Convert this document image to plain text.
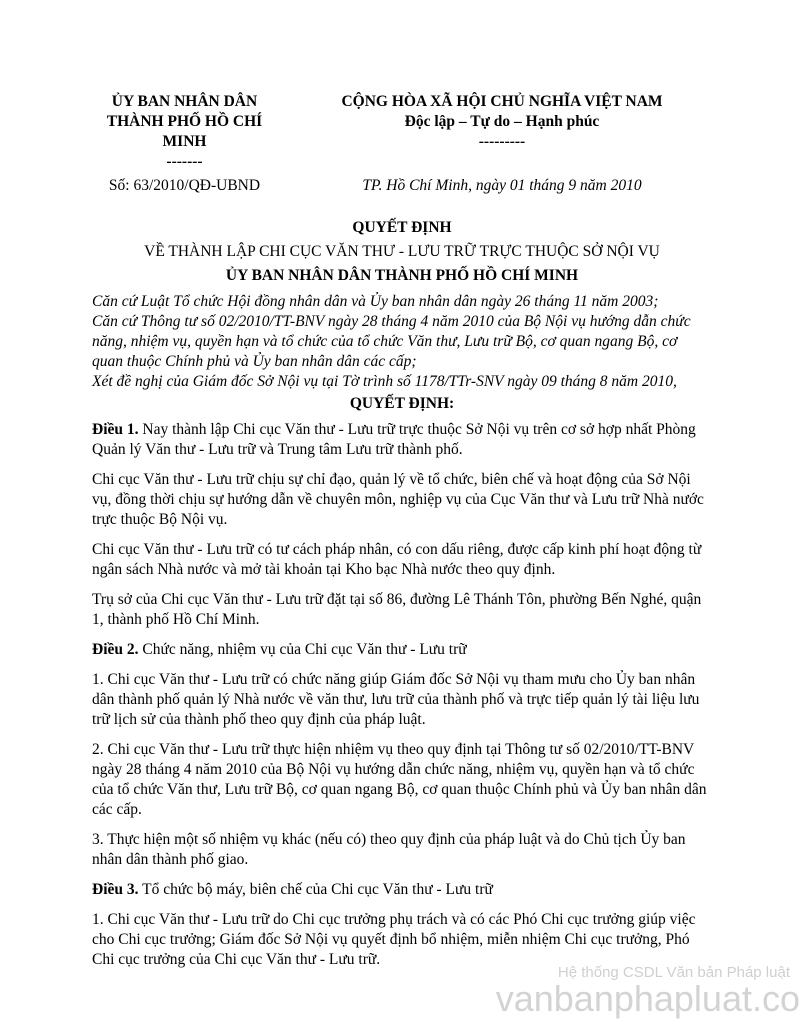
ỦY BAN NHÂN DÂN
THÀNH PHỐ HỒ CHÍ
MINH
-------
CỘNG HÒA XÃ HỘI CHỦ NGHĨA VIỆT NAM
Độc lập – Tự do – Hạnh phúc
---------
Số: 63/2010/QĐ-UBND	TP. Hồ Chí Minh, ngày 01 tháng 9 năm 2010
QUYẾT ĐỊNH
VỀ THÀNH LẬP CHI CỤC VĂN THƯ - LƯU TRỮ TRỰC THUỘC SỞ NỘI VỤ
ỦY BAN NHÂN DÂN THÀNH PHỐ HỒ CHÍ MINH
Căn cứ Luật Tổ chức Hội đồng nhân dân và Ủy ban nhân dân ngày 26 tháng 11 năm 2003;
Căn cứ Thông tư số 02/2010/TT-BNV ngày 28 tháng 4 năm 2010 của Bộ Nội vụ hướng dẫn chức năng, nhiệm vụ, quyền hạn và tổ chức của tổ chức Văn thư, Lưu trữ Bộ, cơ quan ngang Bộ, cơ quan thuộc Chính phủ và Ủy ban nhân dân các cấp;
Xét đề nghị của Giám đốc Sở Nội vụ tại Tờ trình số 1178/TTr-SNV ngày 09 tháng 8 năm 2010,
QUYẾT ĐỊNH:

Điều 1. Nay thành lập Chi cục Văn thư - Lưu trữ trực thuộc Sở Nội vụ trên cơ sở hợp nhất Phòng Quản lý Văn thư - Lưu trữ và Trung tâm Lưu trữ thành phố.

Chi cục Văn thư - Lưu trữ chịu sự chỉ đạo, quản lý về tổ chức, biên chế và hoạt động của Sở Nội vụ, đồng thời chịu sự hướng dẫn về chuyên môn, nghiệp vụ của Cục Văn thư và Lưu trữ Nhà nước trực thuộc Bộ Nội vụ.

Chi cục Văn thư - Lưu trữ có tư cách pháp nhân, có con dấu riêng, được cấp kinh phí hoạt động từ ngân sách Nhà nước và mở tài khoản tại Kho bạc Nhà nước theo quy định.

Trụ sở của Chi cục Văn thư - Lưu trữ đặt tại số 86, đường Lê Thánh Tôn, phường Bến Nghé, quận 1, thành phố Hồ Chí Minh.

Điều 2. Chức năng, nhiệm vụ của Chi cục Văn thư - Lưu trữ

1. Chi cục Văn thư - Lưu trữ có chức năng giúp Giám đốc Sở Nội vụ tham mưu cho Ủy ban nhân dân thành phố quản lý Nhà nước về văn thư, lưu trữ của thành phố và trực tiếp quản lý tài liệu lưu trữ lịch sử của thành phố theo quy định của pháp luật.

2. Chi cục Văn thư - Lưu trữ thực hiện nhiệm vụ theo quy định tại Thông tư số 02/2010/TT-BNV ngày 28 tháng 4 năm 2010 của Bộ Nội vụ hướng dẫn chức năng, nhiệm vụ, quyền hạn và tổ chức của tổ chức Văn thư, Lưu trữ Bộ, cơ quan ngang Bộ, cơ quan thuộc Chính phủ và Ủy ban nhân dân các cấp.

3. Thực hiện một số nhiệm vụ khác (nếu có) theo quy định của pháp luật và do Chủ tịch Ủy ban nhân dân thành phố giao.

Điều 3. Tổ chức bộ máy, biên chế của Chi cục Văn thư - Lưu trữ

1. Chi cục Văn thư - Lưu trữ do Chi cục trưởng phụ trách và có các Phó Chi cục trưởng giúp việc cho Chi cục trưởng; Giám đốc Sở Nội vụ quyết định bổ nhiệm, miễn nhiệm Chi cục trưởng, Phó Chi cục trưởng của Chi cục Văn thư - Lưu trữ.

Hệ thống CSDL Văn bản Pháp luật
vanbanphapluat.co
